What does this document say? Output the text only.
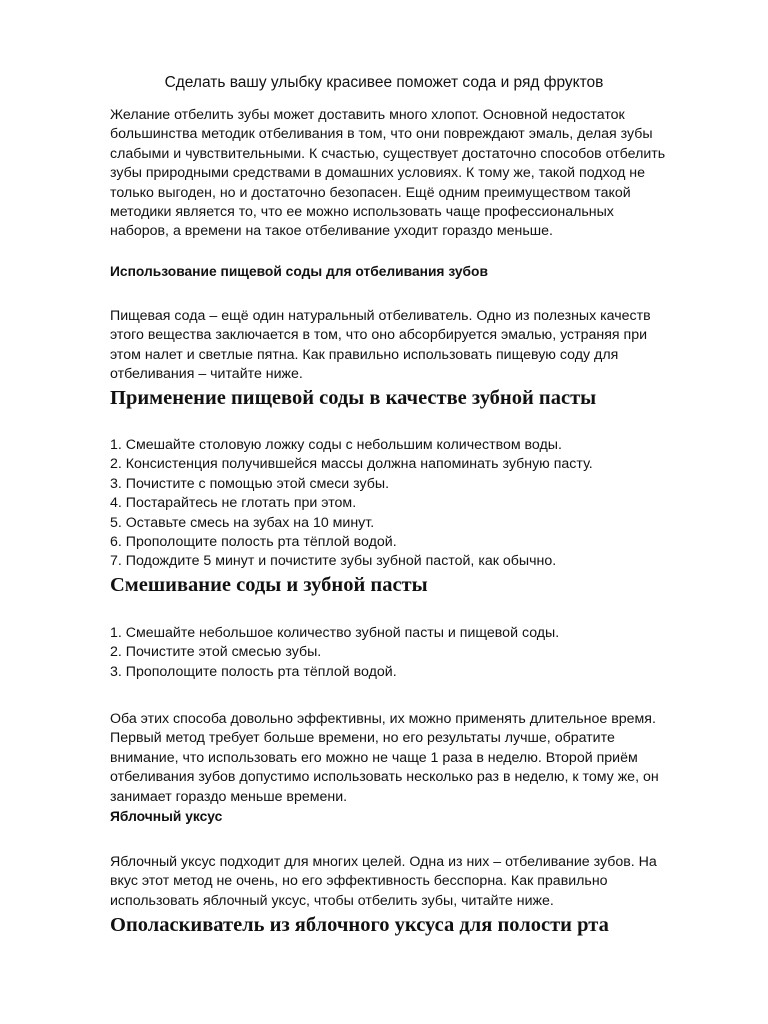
Сделать вашу улыбку красивее поможет сода и ряд фруктов
Желание отбелить зубы может доставить много хлопот. Основной недостаток
большинства методик отбеливания в том, что они повреждают эмаль, делая зубы
слабыми и чувствительными. К счастью, существует достаточно способов отбелить
зубы природными средствами в домашних условиях. К тому же, такой подход не
только выгоден, но и достаточно безопасен. Ещё одним преимуществом такой
методики является то, что ее можно использовать чаще профессиональных
наборов, а времени на такое отбеливание уходит гораздо меньше.
Использование пищевой соды для отбеливания зубов
Пищевая сода – ещё один натуральный отбеливатель. Одно из полезных качеств
этого вещества заключается в том, что оно абсорбируется эмалью, устраняя при
этом налет и светлые пятна. Как правильно использовать пищевую соду для
отбеливания – читайте ниже.
Применение пищевой соды в качестве зубной пасты
1. Смешайте столовую ложку соды с небольшим количеством воды.
2. Консистенция получившейся массы должна напоминать зубную пасту.
3. Почистите с помощью этой смеси зубы.
4. Постарайтесь не глотать при этом.
5. Оставьте смесь на зубах на 10 минут.
6. Прополощите полость рта тёплой водой.
7. Подождите 5 минут и почистите зубы зубной пастой, как обычно.
Смешивание соды и зубной пасты
1. Смешайте небольшое количество зубной пасты и пищевой соды.
2. Почистите этой смесью зубы.
3. Прополощите полость рта тёплой водой.
Оба этих способа довольно эффективны, их можно применять длительное время.
Первый метод требует больше времени, но его результаты лучше, обратите
внимание, что использовать его можно не чаще 1 раза в неделю. Второй приём
отбеливания зубов допустимо использовать несколько раз в неделю, к тому же, он
занимает гораздо меньше времени.
Яблочный уксус
Яблочный уксус подходит для многих целей. Одна из них – отбеливание зубов. На
вкус этот метод не очень, но его эффективность бесспорна. Как правильно
использовать яблочный уксус, чтобы отбелить зубы, читайте ниже.
Ополаскиватель из яблочного уксуса для полости рта
